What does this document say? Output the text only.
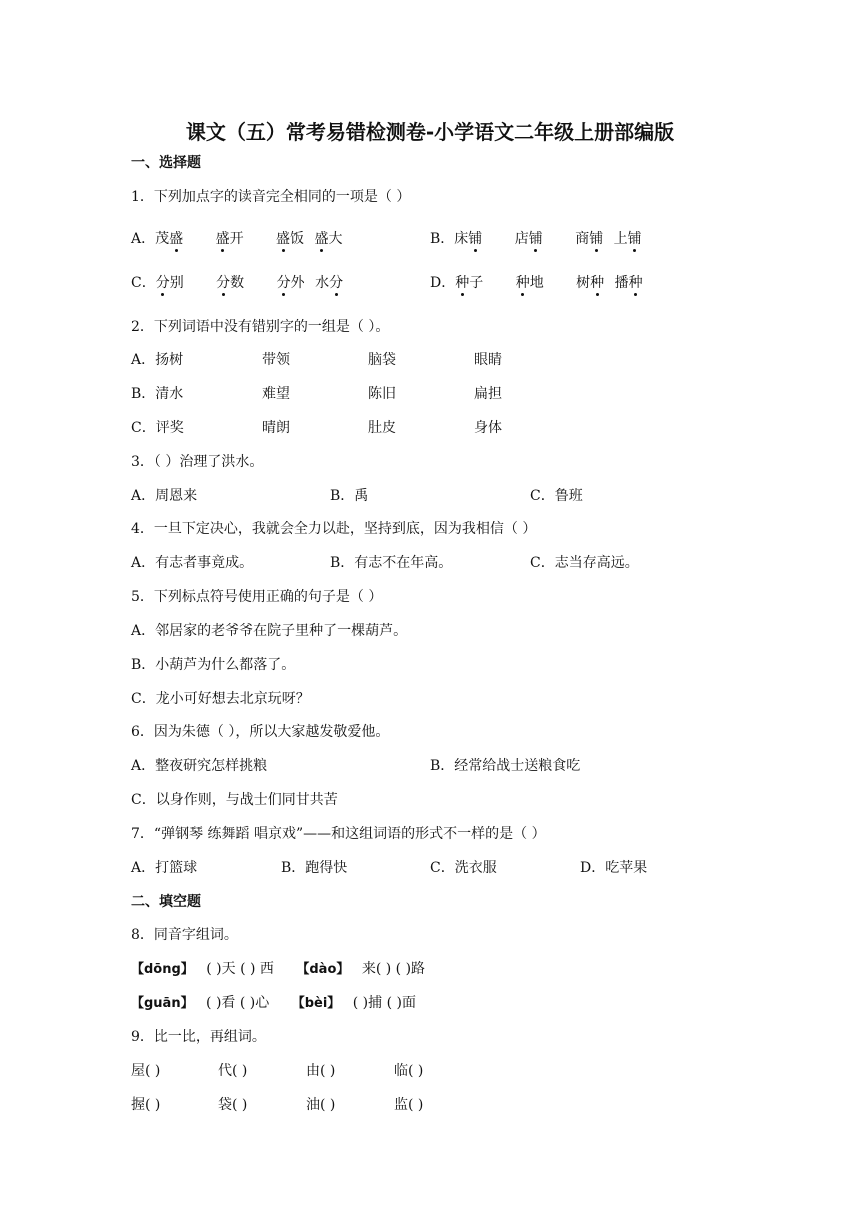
课文（五）常考易错检测卷-小学语文二年级上册部编版
一、选择题
1．下列加点字的读音完全相同的一项是（ ）
A．茂盛 盛开 盛饭 盛大	B．床铺 店铺 商铺 上铺
C．分别 分数 分外 水分	D．种子 种地 树种 播种
2．下列词语中没有错别字的一组是（ ）。
A．扬树	带领	脑袋	眼睛
B．清水	难望	陈旧	扁担
C．评奖	晴朗	肚皮	身体
3．（ ）治理了洪水。
A．周恩来	B．禹	C．鲁班
4．一旦下定决心，我就会全力以赴，坚持到底，因为我相信（ ）
A．有志者事竟成。	B．有志不在年高。	C．志当存高远。
5．下列标点符号使用正确的句子是（ ）
A．邻居家的老爷爷在院子里种了一棵葫芦。
B．小葫芦为什么都落了。
C．龙小可好想去北京玩呀？
6．因为朱德（ ），所以大家越发敬爱他。
A．整夜研究怎样挑粮	B．经常给战士送粮食吃
C．以身作则，与战士们同甘共苦
7．“弹钢琴 练舞蹈 唱京戏”——和这组词语的形式不一样的是（ ）
A．打篮球	B．跑得快	C．洗衣服	D．吃苹果
二、填空题
8．同音字组词。
【dōng】 ( )天 ( ) 西 【dào】 来( ) ( )路
【guān】 ( )看 ( )心 【bèi】 ( )捕 ( )面
9．比一比，再组词。
屋( )	代( )	由( )	临( )
握( )	袋( )	油( )	监( )
